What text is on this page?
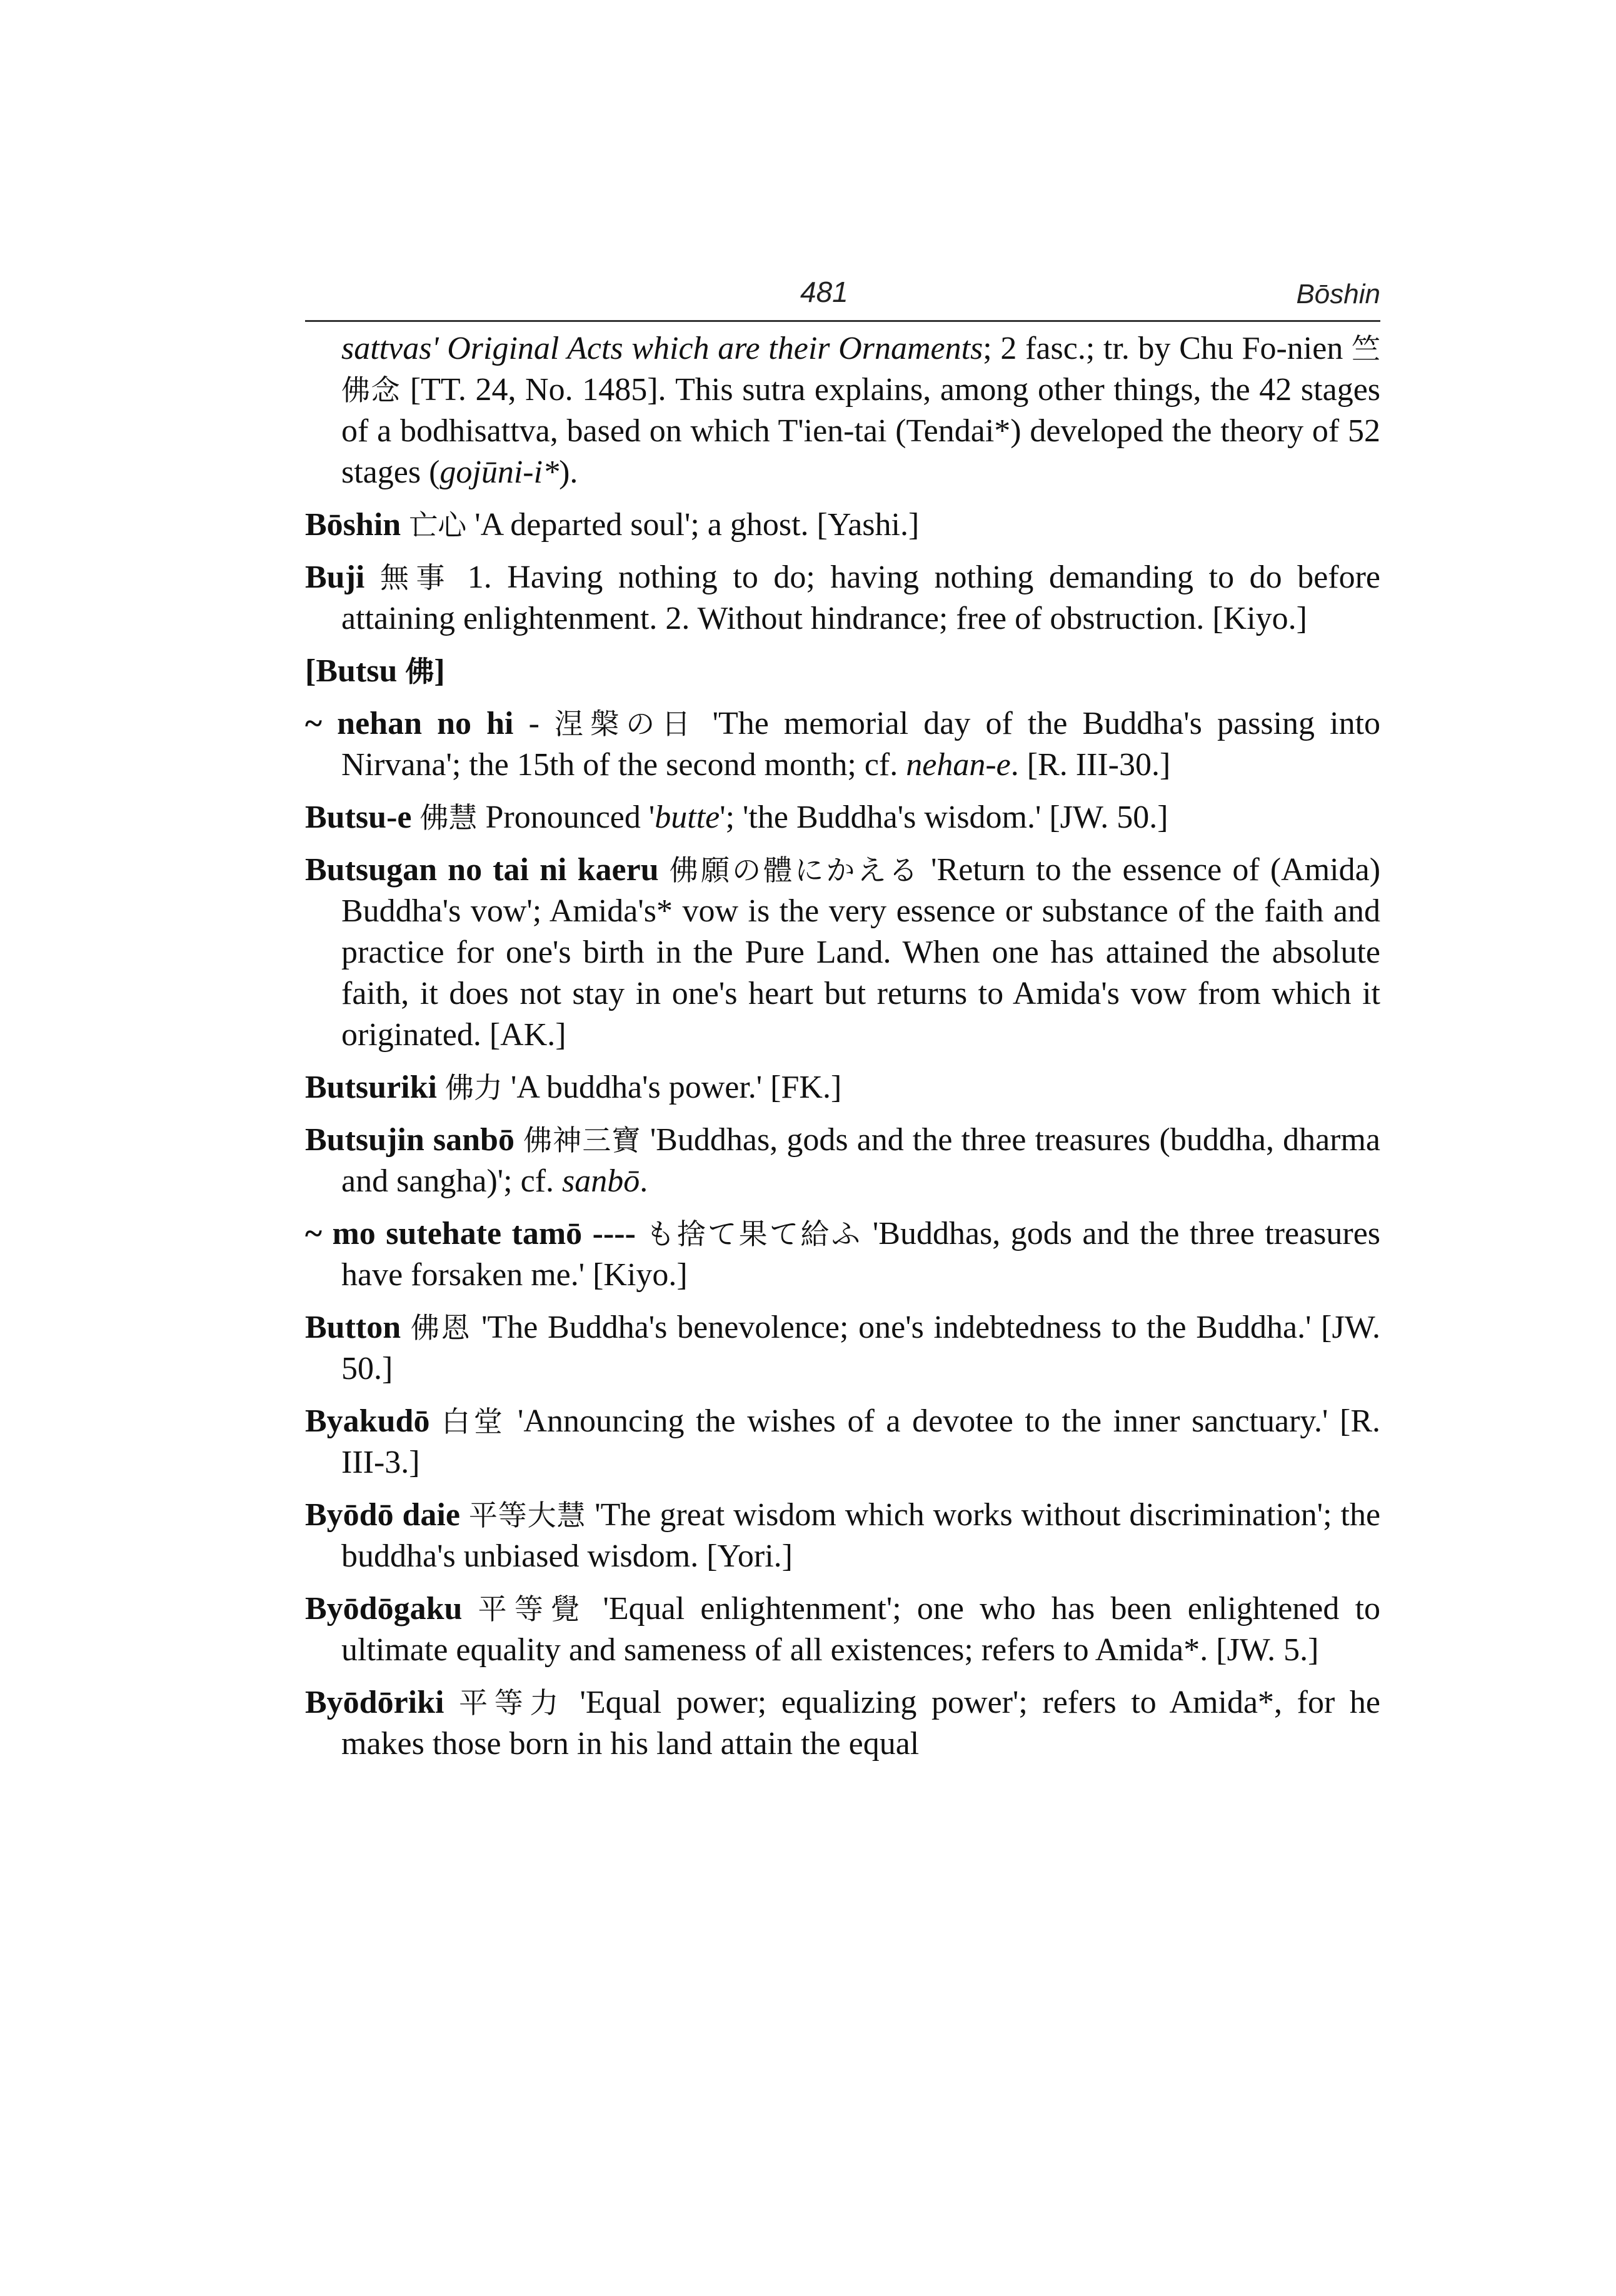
481	Bōshin
sattvas' Original Acts which are their Ornaments; 2 fasc.; tr. by Chu Fo-nien 竺佛念 [TT. 24, No. 1485]. This sutra explains, among other things, the 42 stages of a bodhisattva, based on which T'ien-tai (Tendai*) developed the theory of 52 stages (gojūni-i*).
Bōshin 亡心 'A departed soul'; a ghost. [Yashi.]
Buji 無事 1. Having nothing to do; having nothing demanding to do before attaining enlightenment. 2. Without hindrance; free of obstruction. [Kiyo.]
[Butsu 佛]
~ nehan no hi - 涅槃の日 'The memorial day of the Buddha's passing into Nirvana'; the 15th of the second month; cf. nehan-e. [R. III-30.]
Butsu-e 佛慧 Pronounced 'butte'; 'the Buddha's wisdom.' [JW. 50.]
Butsugan no tai ni kaeru 佛願の體にかえる 'Return to the essence of (Amida) Buddha's vow'; Amida's* vow is the very essence or substance of the faith and practice for one's birth in the Pure Land. When one has attained the absolute faith, it does not stay in one's heart but returns to Amida's vow from which it originated. [AK.]
Butsuriki 佛力 'A buddha's power.' [FK.]
Butsujin sanbō 佛神三寶 'Buddhas, gods and the three treasures (buddha, dharma and sangha)'; cf. sanbō.
~ mo sutehate tamō ---- も捨て果て給ふ 'Buddhas, gods and the three treasures have forsaken me.' [Kiyo.]
Button 佛恩 'The Buddha's benevolence; one's indebtedness to the Buddha.' [JW. 50.]
Byakudō 白堂 'Announcing the wishes of a devotee to the inner sanctuary.' [R. III-3.]
Byōdō daie 平等大慧 'The great wisdom which works without discrimination'; the buddha's unbiased wisdom. [Yori.]
Byōdōgaku 平等覺 'Equal enlightenment'; one who has been enlightened to ultimate equality and sameness of all existences; refers to Amida*. [JW. 5.]
Byōdōriki 平等力 'Equal power; equalizing power'; refers to Amida*, for he makes those born in his land attain the equal
